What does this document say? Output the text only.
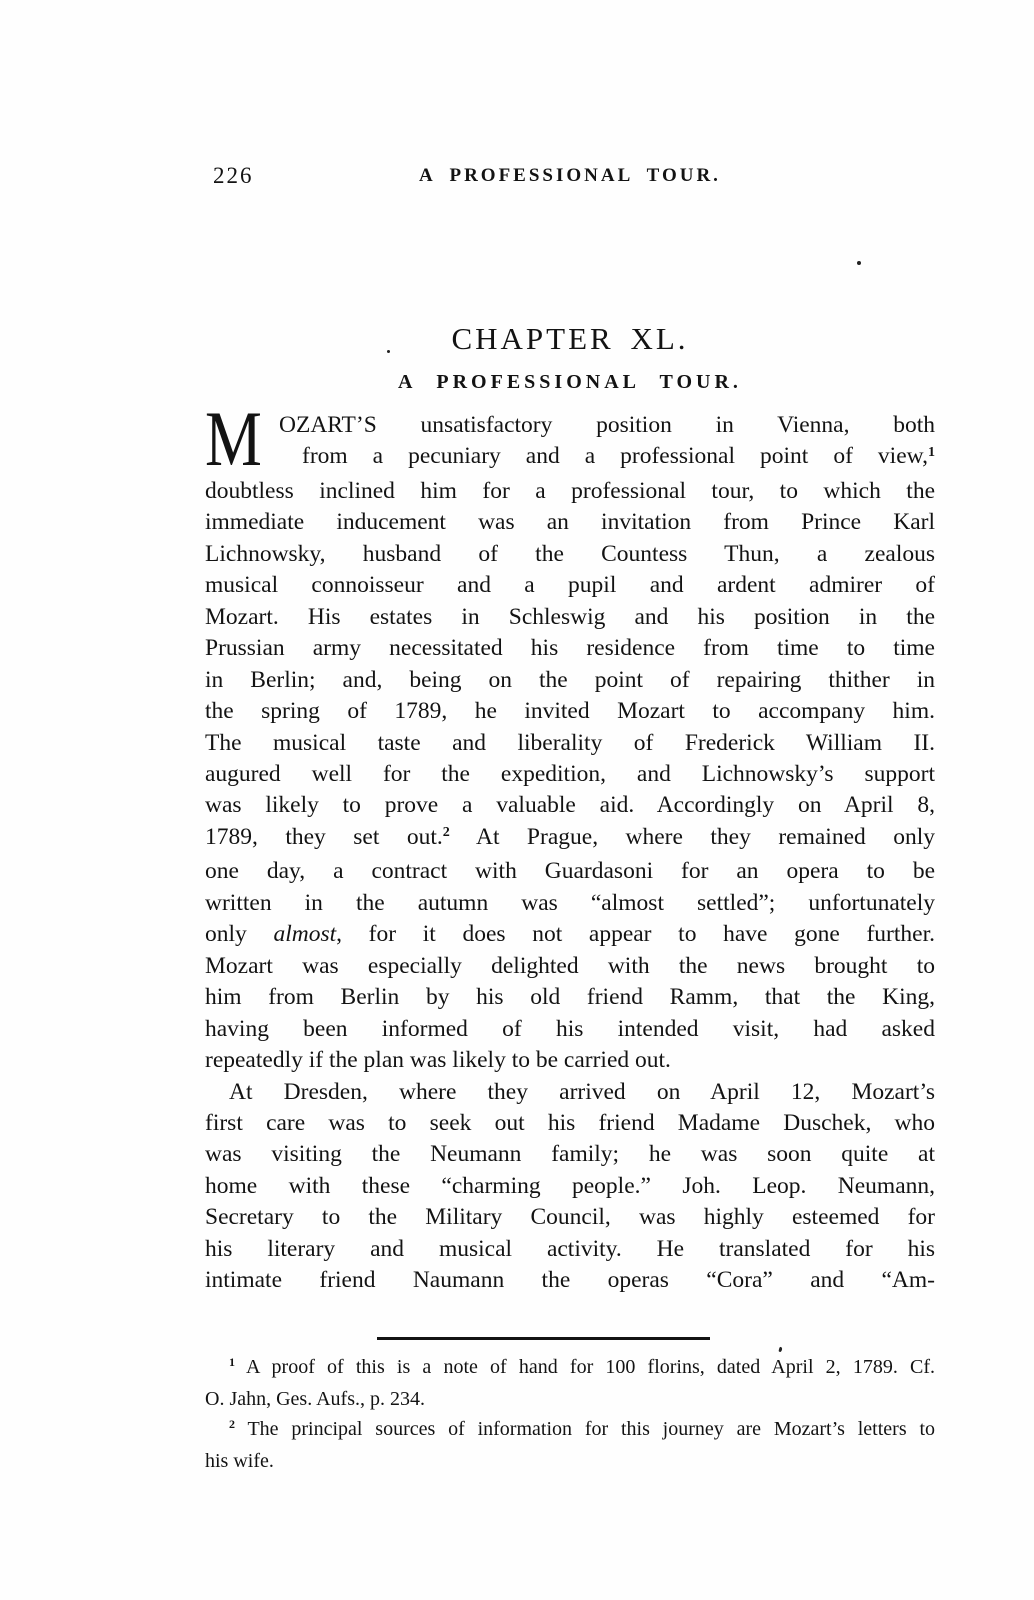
226	A PROFESSIONAL TOUR.
CHAPTER XL.
A PROFESSIONAL TOUR.
M OZART’S unsatisfactory position in Vienna, both
from a pecuniary and a professional point of view,$^1$
doubtless inclined him for a professional tour, to which the
immediate inducement was an invitation from Prince Karl
Lichnowsky, husband of the Countess Thun, a zealous
musical connoisseur and a pupil and ardent admirer of
Mozart. His estates in Schleswig and his position in the
Prussian army necessitated his residence from time to time
in Berlin; and, being on the point of repairing thither in
the spring of 1789, he invited Mozart to accompany him.
The musical taste and liberality of Frederick William II.
augured well for the expedition, and Lichnowsky’s support
was likely to prove a valuable aid. Accordingly on April 8,
1789, they set out.$^2$ At Prague, where they remained only
one day, a contract with Guardasoni for an opera to be
written in the autumn was “almost settled”; unfortunately
only almost, for it does not appear to have gone further.
Mozart was especially delighted with the news brought to
him from Berlin by his old friend Ramm, that the King,
having been informed of his intended visit, had asked
repeatedly if the plan was likely to be carried out.
At Dresden, where they arrived on April 12, Mozart’s
first care was to seek out his friend Madame Duschek, who
was visiting the Neumann family; he was soon quite at
home with these “charming people.” Joh. Leop. Neumann,
Secretary to the Military Council, was highly esteemed for
his literary and musical activity. He translated for his
intimate friend Naumann the operas “Cora” and “Am-
$^1$ A proof of this is a note of hand for 100 florins, dated April 2, 1789. Cf.
O. Jahn, Ges. Aufs., p. 234.
$^2$ The principal sources of information for this journey are Mozart’s letters to
his wife.
